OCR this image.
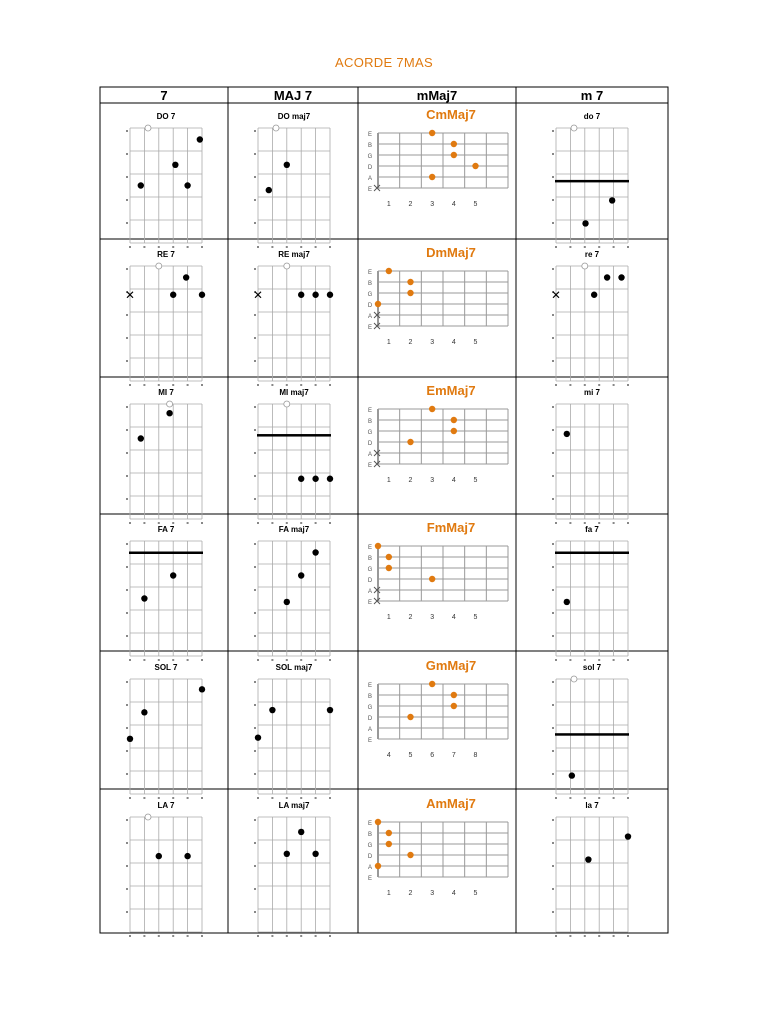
ACORDE 7MAS
7	MAJ 7	mMaj7	m 7
E
B
G
D
A
E
1	2	3	4	5
E
B
G
D
A
E
1	2	3	4	5
E
B
G
D
A
E
1	2	3	4	5
E
B
G
D
A
E
1	2	3	4	5
E
B
G
D
A
E
4	5	6	7	8
E
B
G
D
A
E
1	2	3	4	5
DO 7	DO maj7	CmMaj7	do 7
RE 7	RE maj7	DmMaj7	re 7
MI 7	MI maj7	EmMaj7	mi 7
FA 7	FA maj7	FmMaj7	fa 7
SOL 7	SOL maj7	GmMaj7	sol 7
LA 7	LA maj7	AmMaj7	la 7
